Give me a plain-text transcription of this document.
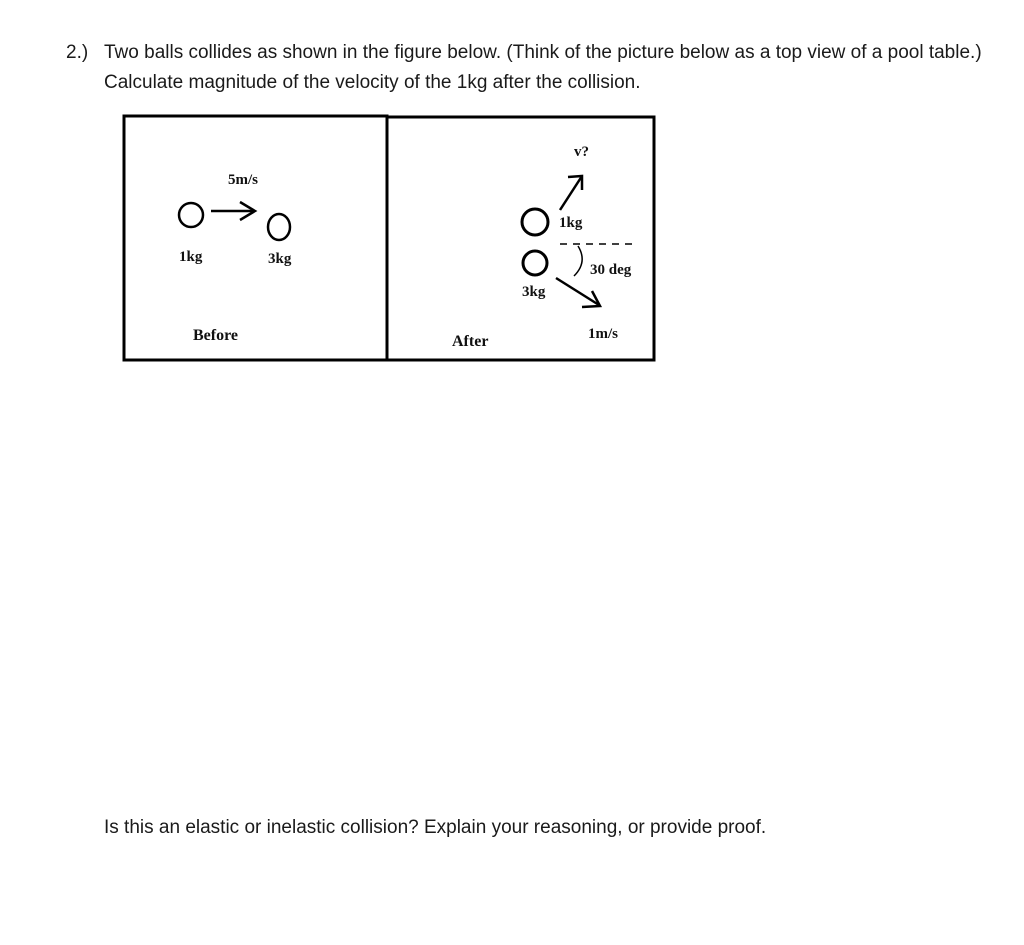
2.) Two balls collides as shown in the figure below. (Think of the picture below as a top view of a pool table.) Calculate magnitude of the velocity of the 1kg after the collision.
5m/s
1kg	3kg
Before
v?
1kg
30 deg
3kg
1m/s
After
Is this an elastic or inelastic collision? Explain your reasoning, or provide proof.
